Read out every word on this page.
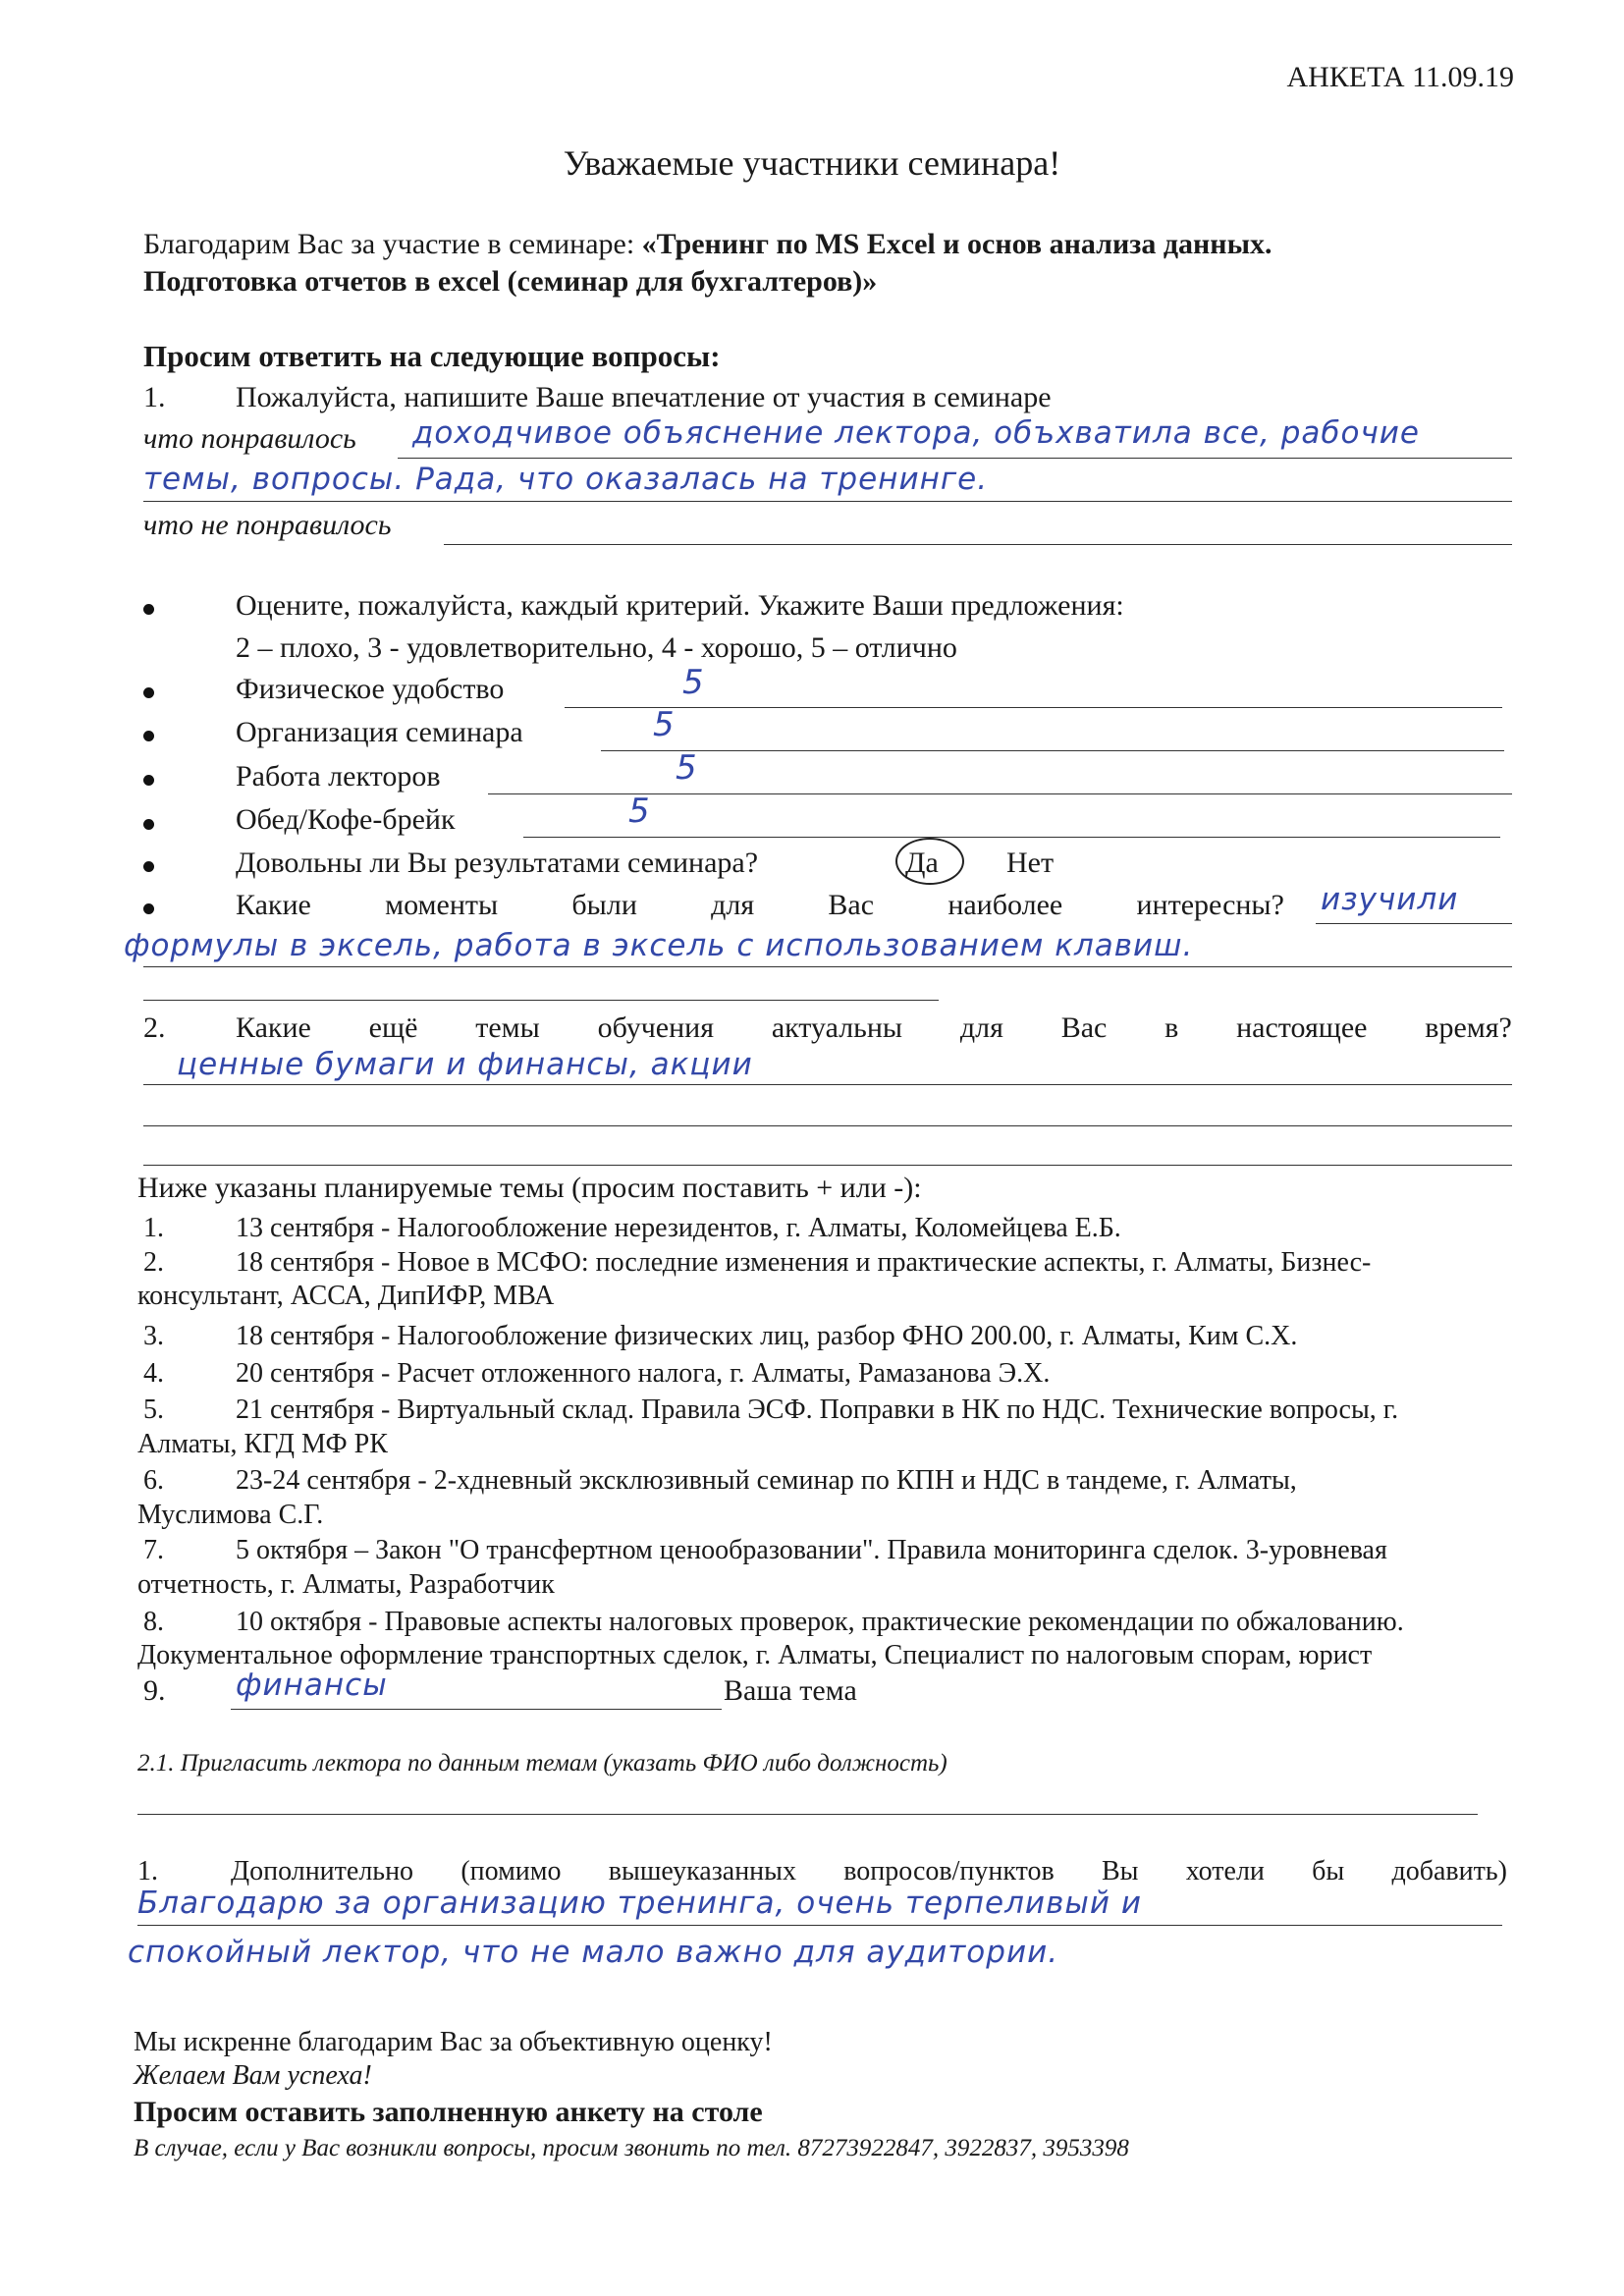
АНКЕТА 11.09.19
Уважаемые участники семинара!
Благодарим Вас за участие в семинаре: «Тренинг по MS Excel и основ анализа данных.
Подготовка отчетов в excel (семинар для бухгалтеров)»
Просим ответить на следующие вопросы:
1. Пожалуйста, напишите Ваше впечатление от участия в семинаре
что понравилось доходчивое объяснение лектора, объхватила все, рабочие
темы, вопросы. Рада, что оказалась на тренинге.
что не понравилось
Оцените, пожалуйста, каждый критерий. Укажите Ваши предложения:
2 – плохо, 3 - удовлетворительно, 4 - хорошо, 5 – отлично
Физическое удобство	5
Организация семинара	5
Работа лекторов	5
Обед/Кофе-брейк	5
Довольны ли Вы результатами семинара?	Да Нет
Какие	моменты	были	для	Вас	наиболее	интересны? изучили
формулы в эксель, работа в эксель с использованием клавиш.
2. Какие ещё темы обучения актуальны для Вас в настоящее время?
ценные бумаги и финансы, акции
Ниже указаны планируемые темы (просим поставить + или -):
1.	13 сентября - Налогообложение нерезидентов, г. Алматы, Коломейцева Е.Б.
2.	18 сентября - Новое в МСФО: последние изменения и практические аспекты, г. Алматы, Бизнес-
консультант, АССА, ДипИФР, МВА
3.	18 сентября - Налогообложение физических лиц, разбор ФНО 200.00, г. Алматы, Ким С.Х.
4.	20 сентября - Расчет отложенного налога, г. Алматы, Рамазанова Э.Х.
5.	21 сентября - Виртуальный склад. Правила ЭСФ. Поправки в НК по НДС. Технические вопросы, г.
Алматы, КГД МФ РК
6.	23-24 сентября - 2-хдневный эксклюзивный семинар по КПН и НДС в тандеме, г. Алматы,
Муслимова С.Г.
7.	5 октября – Закон "О трансфертном ценообразовании". Правила мониторинга сделок. 3-уровневая
отчетность, г. Алматы, Разработчик
8.	10 октября - Правовые аспекты налоговых проверок, практические рекомендации по обжалованию.
Документальное оформление транспортных сделок, г. Алматы, Специалист по налоговым спорам, юрист
9. финансы	Ваша тема
2.1. Пригласить лектора по данным темам (указать ФИО либо должность)
1.	Дополнительно (помимо вышеуказанных вопросов/пунктов Вы хотели бы добавить)
Благодарю за организацию тренинга, очень терпеливый и
спокойный лектор, что не мало важно для аудитории.
Мы искренне благодарим Вас за объективную оценку!
Желаем Вам успеха!
Просим оставить заполненную анкету на столе
В случае, если у Вас возникли вопросы, просим звонить по тел. 87273922847, 3922837, 3953398
